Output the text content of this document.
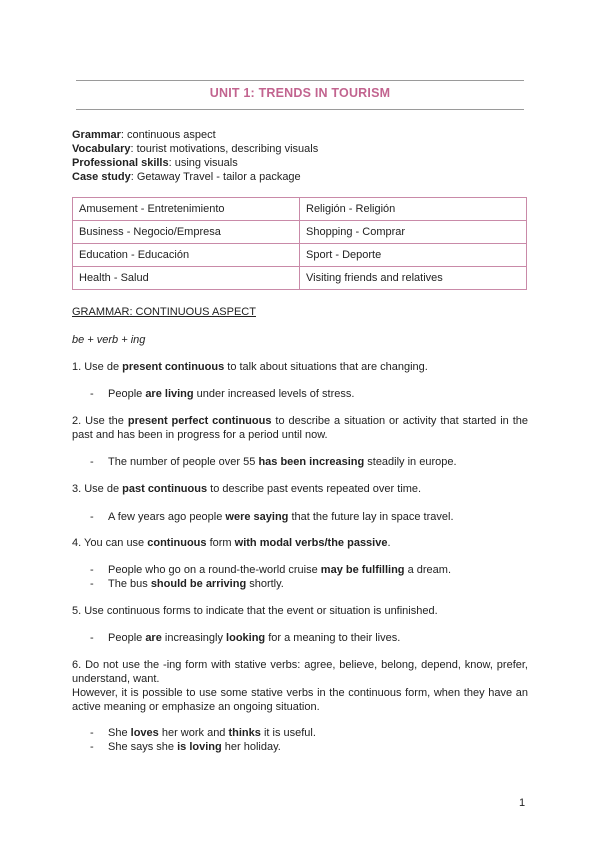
UNIT 1: TRENDS IN TOURISM
Grammar: continuous aspect
Vocabulary: tourist motivations, describing visuals
Professional skills: using visuals
Case study: Getaway Travel - tailor a package
Amusement - Entretenimiento	Religión - Religión
Business - Negocio/Empresa	Shopping - Comprar
Education - Educación	Sport - Deporte
Health - Salud	Visiting friends and relatives
GRAMMAR: CONTINUOUS ASPECT
be + verb + ing
1. Use de present continuous to talk about situations that are changing.
- People are living under increased levels of stress.
2. Use the present perfect continuous to describe a situation or activity that started in the past and has been in progress for a period until now.
- The number of people over 55 has been increasing steadily in europe.
3. Use de past continuous to describe past events repeated over time.
- A few years ago people were saying that the future lay in space travel.
4. You can use continuous form with modal verbs/the passive.
- People who go on a round-the-world cruise may be fulfilling a dream.
- The bus should be arriving shortly.
5. Use continuous forms to indicate that the event or situation is unfinished.
- People are increasingly looking for a meaning to their lives.
6. Do not use the -ing form with stative verbs: agree, believe, belong, depend, know, prefer, understand, want.
However, it is possible to use some stative verbs in the continuous form, when they have an active meaning or emphasize an ongoing situation.
- She loves her work and thinks it is useful.
- She says she is loving her holiday.
1
